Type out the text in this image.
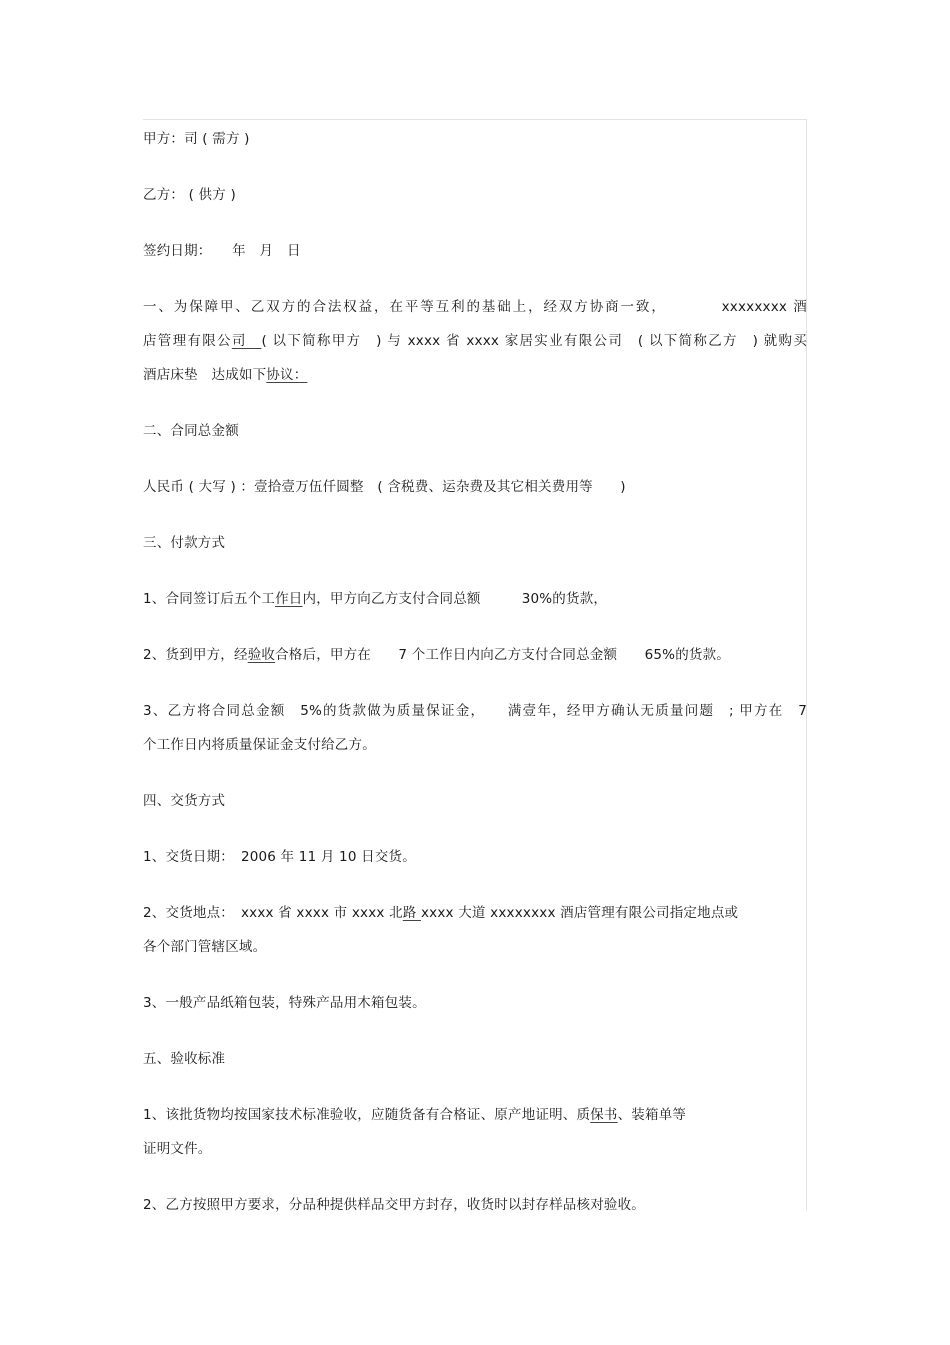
甲方：司 ( 需方 )
乙方： ( 供方 )
签约日期：　　年　月　日
一、为保障甲、乙双方的合法权益，在平等互利的基础上，经双方协商一致，　　　　xxxxxxxx 酒
店管理有限公司　( 以下简称甲方　) 与 xxxx 省 xxxx 家居实业有限公司　( 以下简称乙方　) 就购买
酒店床垫　达成如下协议：
二、合同总金额
人民币 ( 大写 ) ：壹拾壹万伍仟圆整　( 含税费、运杂费及其它相关费用等　　)
三、付款方式
1、合同签订后五个工作日内，甲方向乙方支付合同总额　　　30%的货款，
2、货到甲方，经验收合格后，甲方在　　7 个工作日内向乙方支付合同总金额　　65%的货款。
3、乙方将合同总金额　5%的货款做为质量保证金，　　满壹年，经甲方确认无质量问题　; 甲方在　7
个工作日内将质量保证金支付给乙方。
四、交货方式
1、交货日期：　2006 年 11 月 10 日交货。
2、交货地点：　xxxx 省 xxxx 市 xxxx 北路 xxxx 大道 xxxxxxxx 酒店管理有限公司指定地点或
各个部门管辖区域。
3、一般产品纸箱包装，特殊产品用木箱包装。
五、验收标准
1、该批货物均按国家技术标准验收，应随货备有合格证、原产地证明、质保书、装箱单等
证明文件。
2、乙方按照甲方要求，分品种提供样品交甲方封存，收货时以封存样品核对验收。
